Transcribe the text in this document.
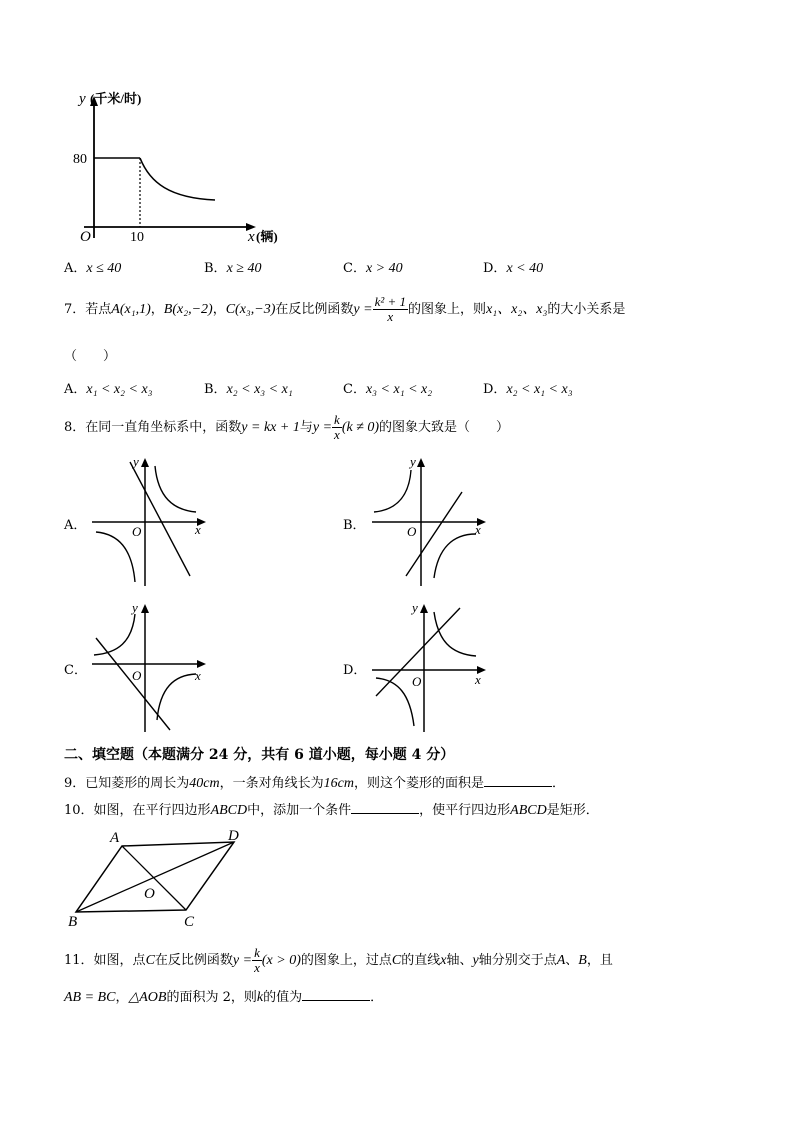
y (千米/时)
80
O	10	x (辆)
A．x ≤ 40	B．x ≥ 40	C．x > 40	D．x < 40
7．若点A(x₁,1)，B(x₂,−2)，C(x₃,−3)在反比例函数$y = \frac{\text{k² + 1}}{x}$ 的图象上，则x₁、x₂、x₃的大小关系是
（　　）
A．x₁ < x₂ < x₃	B．x₂ < x₃ < x₁	C．x₃ < x₁ < x₂	D．x₂ < x₁ < x₃
8．在同一直角坐标系中，函数y = kx + 1与$y = \frac{k}{x} (k \ne 0)$的图象大致是（　　）
A．
y
x
O	B．
y
x
O
C．
y
x
O	D．
y
x
O
二、填空题（本题满分 24 分，共有 6 道小题，每小题 4 分）
9．已知菱形的周长为40cm，一条对角线长为16cm，则这个菱形的面积是	．
10．如图，在平行四边形ABCD中，添加一个条件	，使平行四边形ABCD是矩形．
A	D
B	C
O
11．如图，点C在反比例函数$y = \frac{k}{x} (x > 0)$的图象上，过点C的直线x轴、y轴分别交于点A、B，且
AB = BC，△AOB的面积为 2，则k的值为	．
